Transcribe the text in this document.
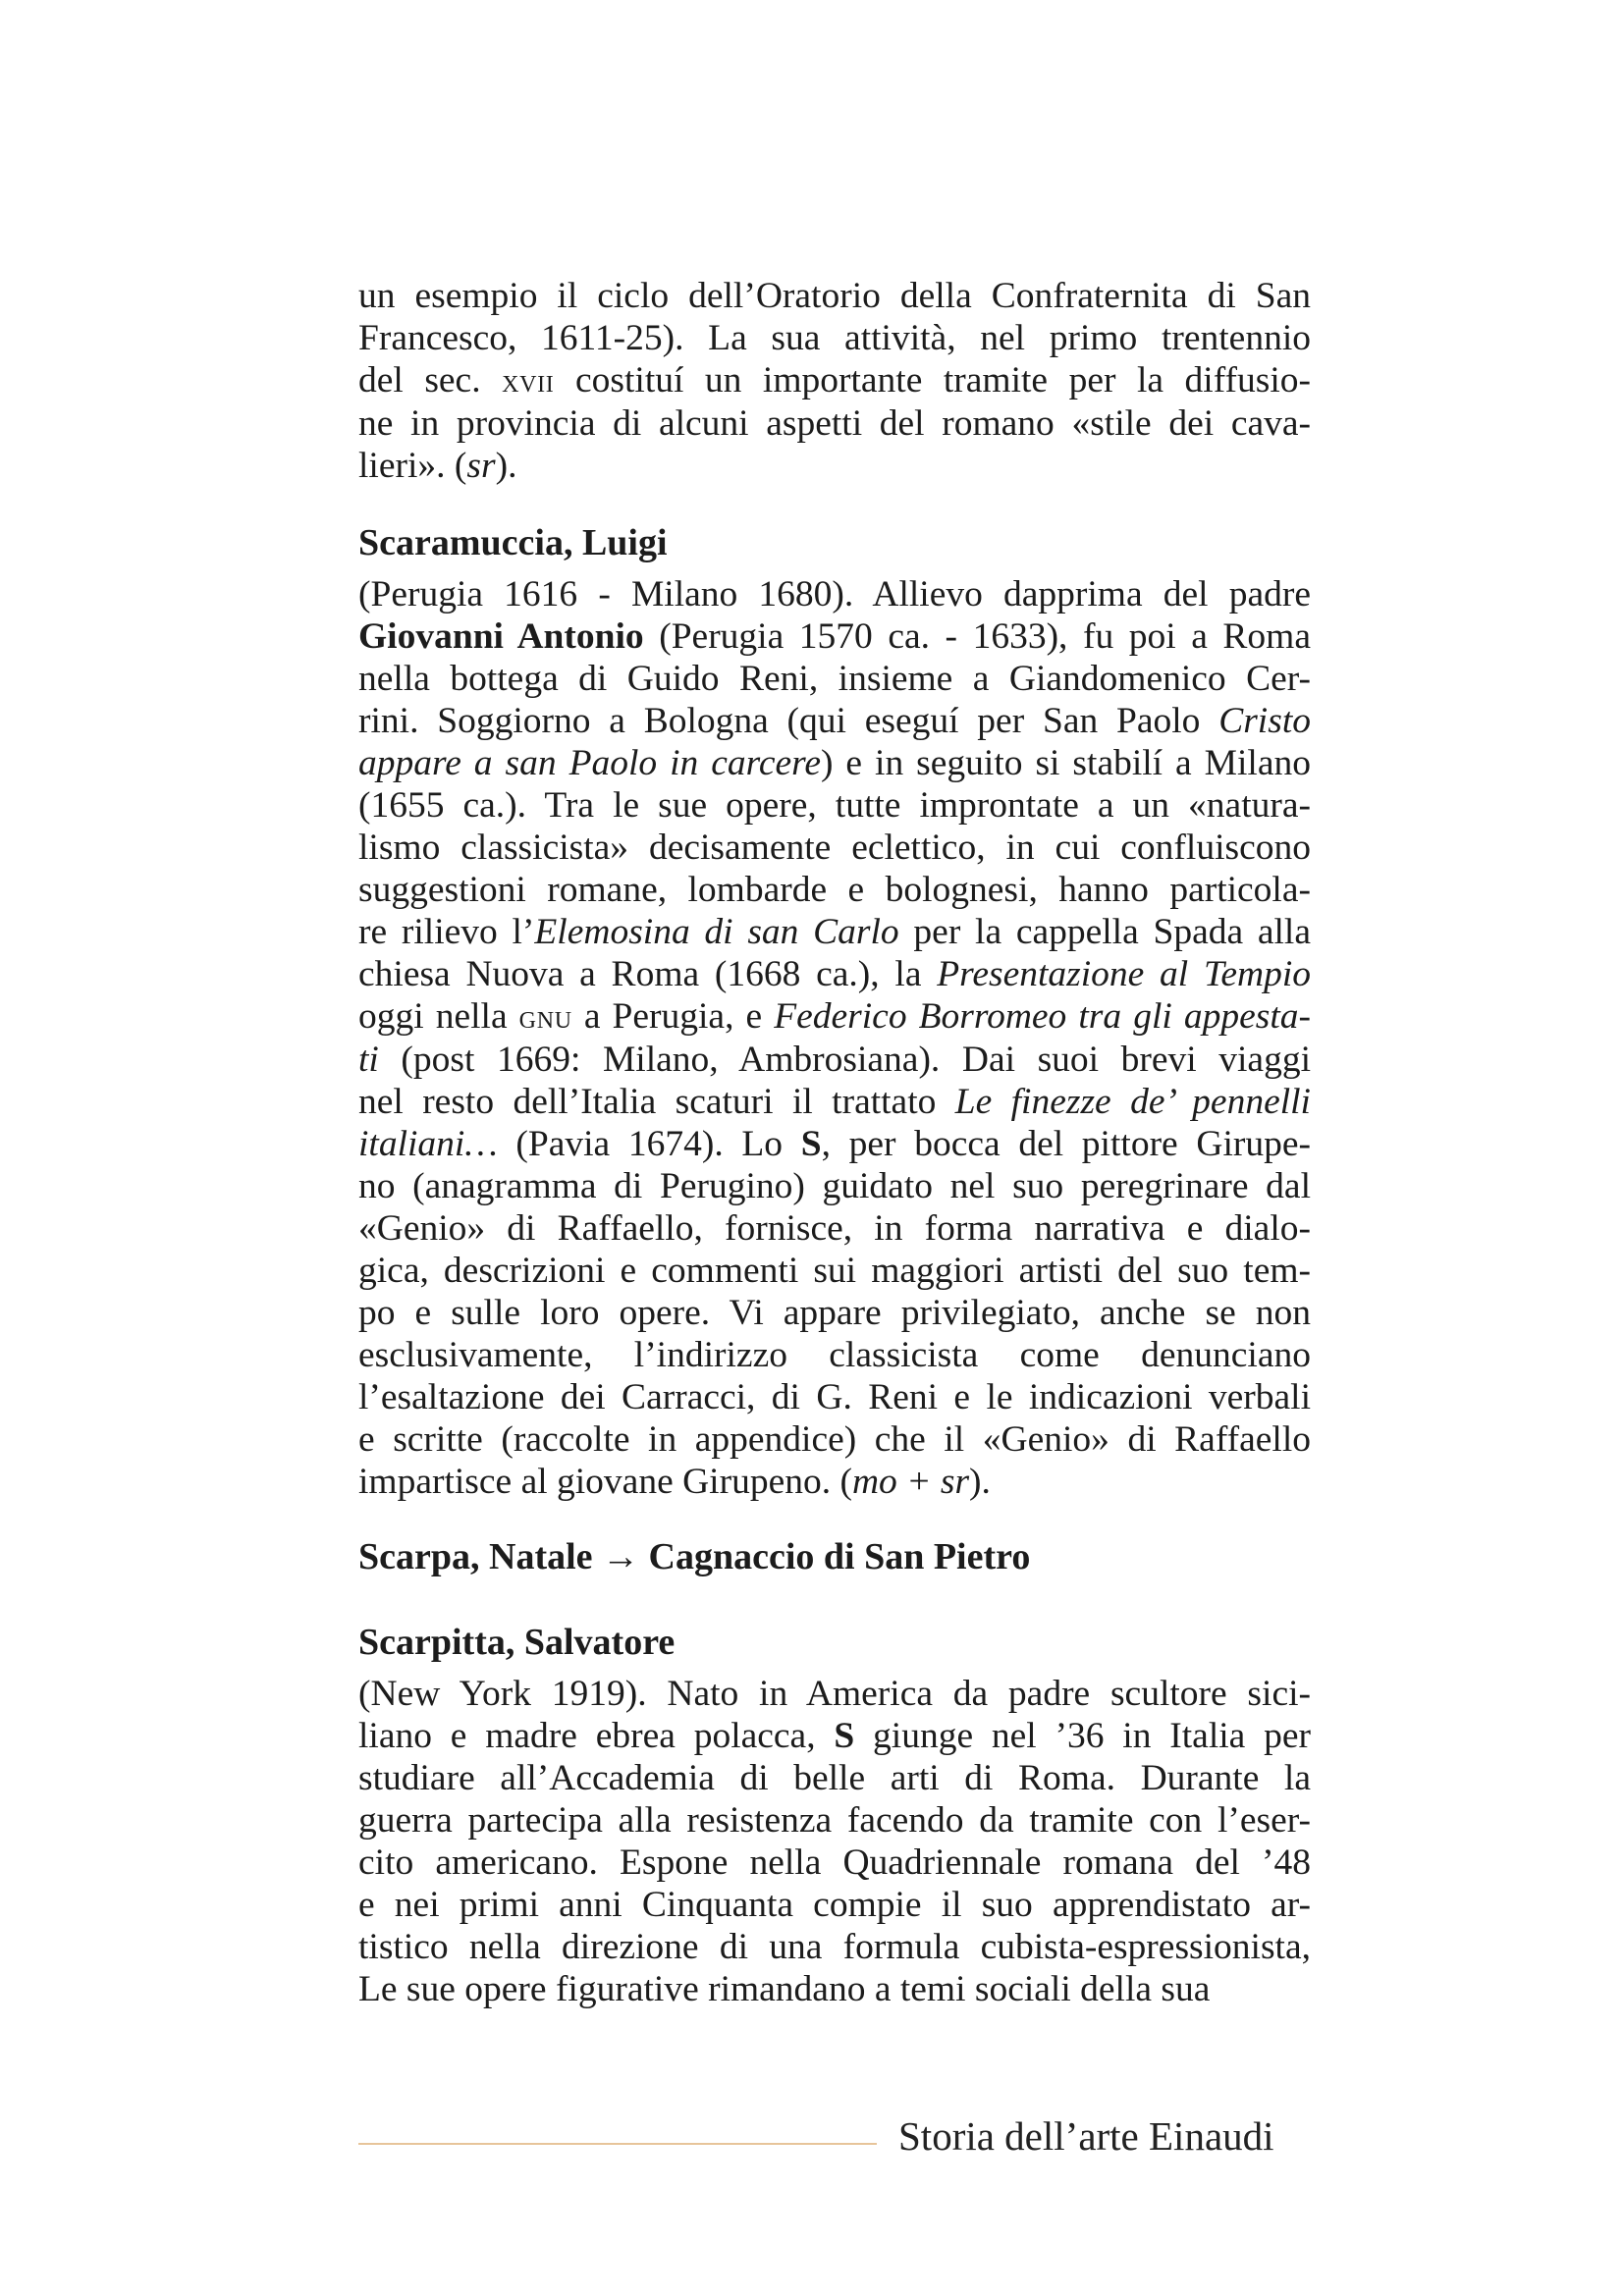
un esempio il ciclo dell’Oratorio della Confraternita di San
Francesco, 1611-25). La sua attività, nel primo trentennio
del sec. xvii costituí un importante tramite per la diffusio-
ne in provincia di alcuni aspetti del romano «stile dei cava-
lieri». (sr).

Scaramuccia, Luigi

(Perugia 1616 - Milano 1680). Allievo dapprima del padre
Giovanni Antonio (Perugia 1570 ca. - 1633), fu poi a Roma
nella bottega di Guido Reni, insieme a Giandomenico Cer-
rini. Soggiorno a Bologna (qui eseguí per San Paolo Cristo
appare a san Paolo in carcere) e in seguito si stabilí a Milano
(1655 ca.). Tra le sue opere, tutte improntate a un «natura-
lismo classicista» decisamente eclettico, in cui confluiscono
suggestioni romane, lombarde e bolognesi, hanno particola-
re rilievo l’Elemosina di san Carlo per la cappella Spada alla
chiesa Nuova a Roma (1668 ca.), la Presentazione al Tempio
oggi nella gnu a Perugia, e Federico Borromeo tra gli appesta-
ti (post 1669: Milano, Ambrosiana). Dai suoi brevi viaggi
nel resto dell’Italia scaturi il trattato Le finezze de’ pennelli
italiani… (Pavia 1674). Lo S, per bocca del pittore Girupe-
no (anagramma di Perugino) guidato nel suo peregrinare dal
«Genio» di Raffaello, fornisce, in forma narrativa e dialo-
gica, descrizioni e commenti sui maggiori artisti del suo tem-
po e sulle loro opere. Vi appare privilegiato, anche se non
esclusivamente, l’indirizzo classicista come denunciano
l’esaltazione dei Carracci, di G. Reni e le indicazioni verbali
e scritte (raccolte in appendice) che il «Genio» di Raffaello
impartisce al giovane Girupeno. (mo + sr).

Scarpa, Natale → Cagnaccio di San Pietro
Scarpitta, Salvatore

(New York 1919). Nato in America da padre scultore sici-
liano e madre ebrea polacca, S giunge nel ’36 in Italia per
studiare all’Accademia di belle arti di Roma. Durante la
guerra partecipa alla resistenza facendo da tramite con l’eser-
cito americano. Espone nella Quadriennale romana del ’48
e nei primi anni Cinquanta compie il suo apprendistato ar-
tistico nella direzione di una formula cubista-espressionista,
Le sue opere figurative rimandano a temi sociali della sua

Storia dell’arte Einaudi
